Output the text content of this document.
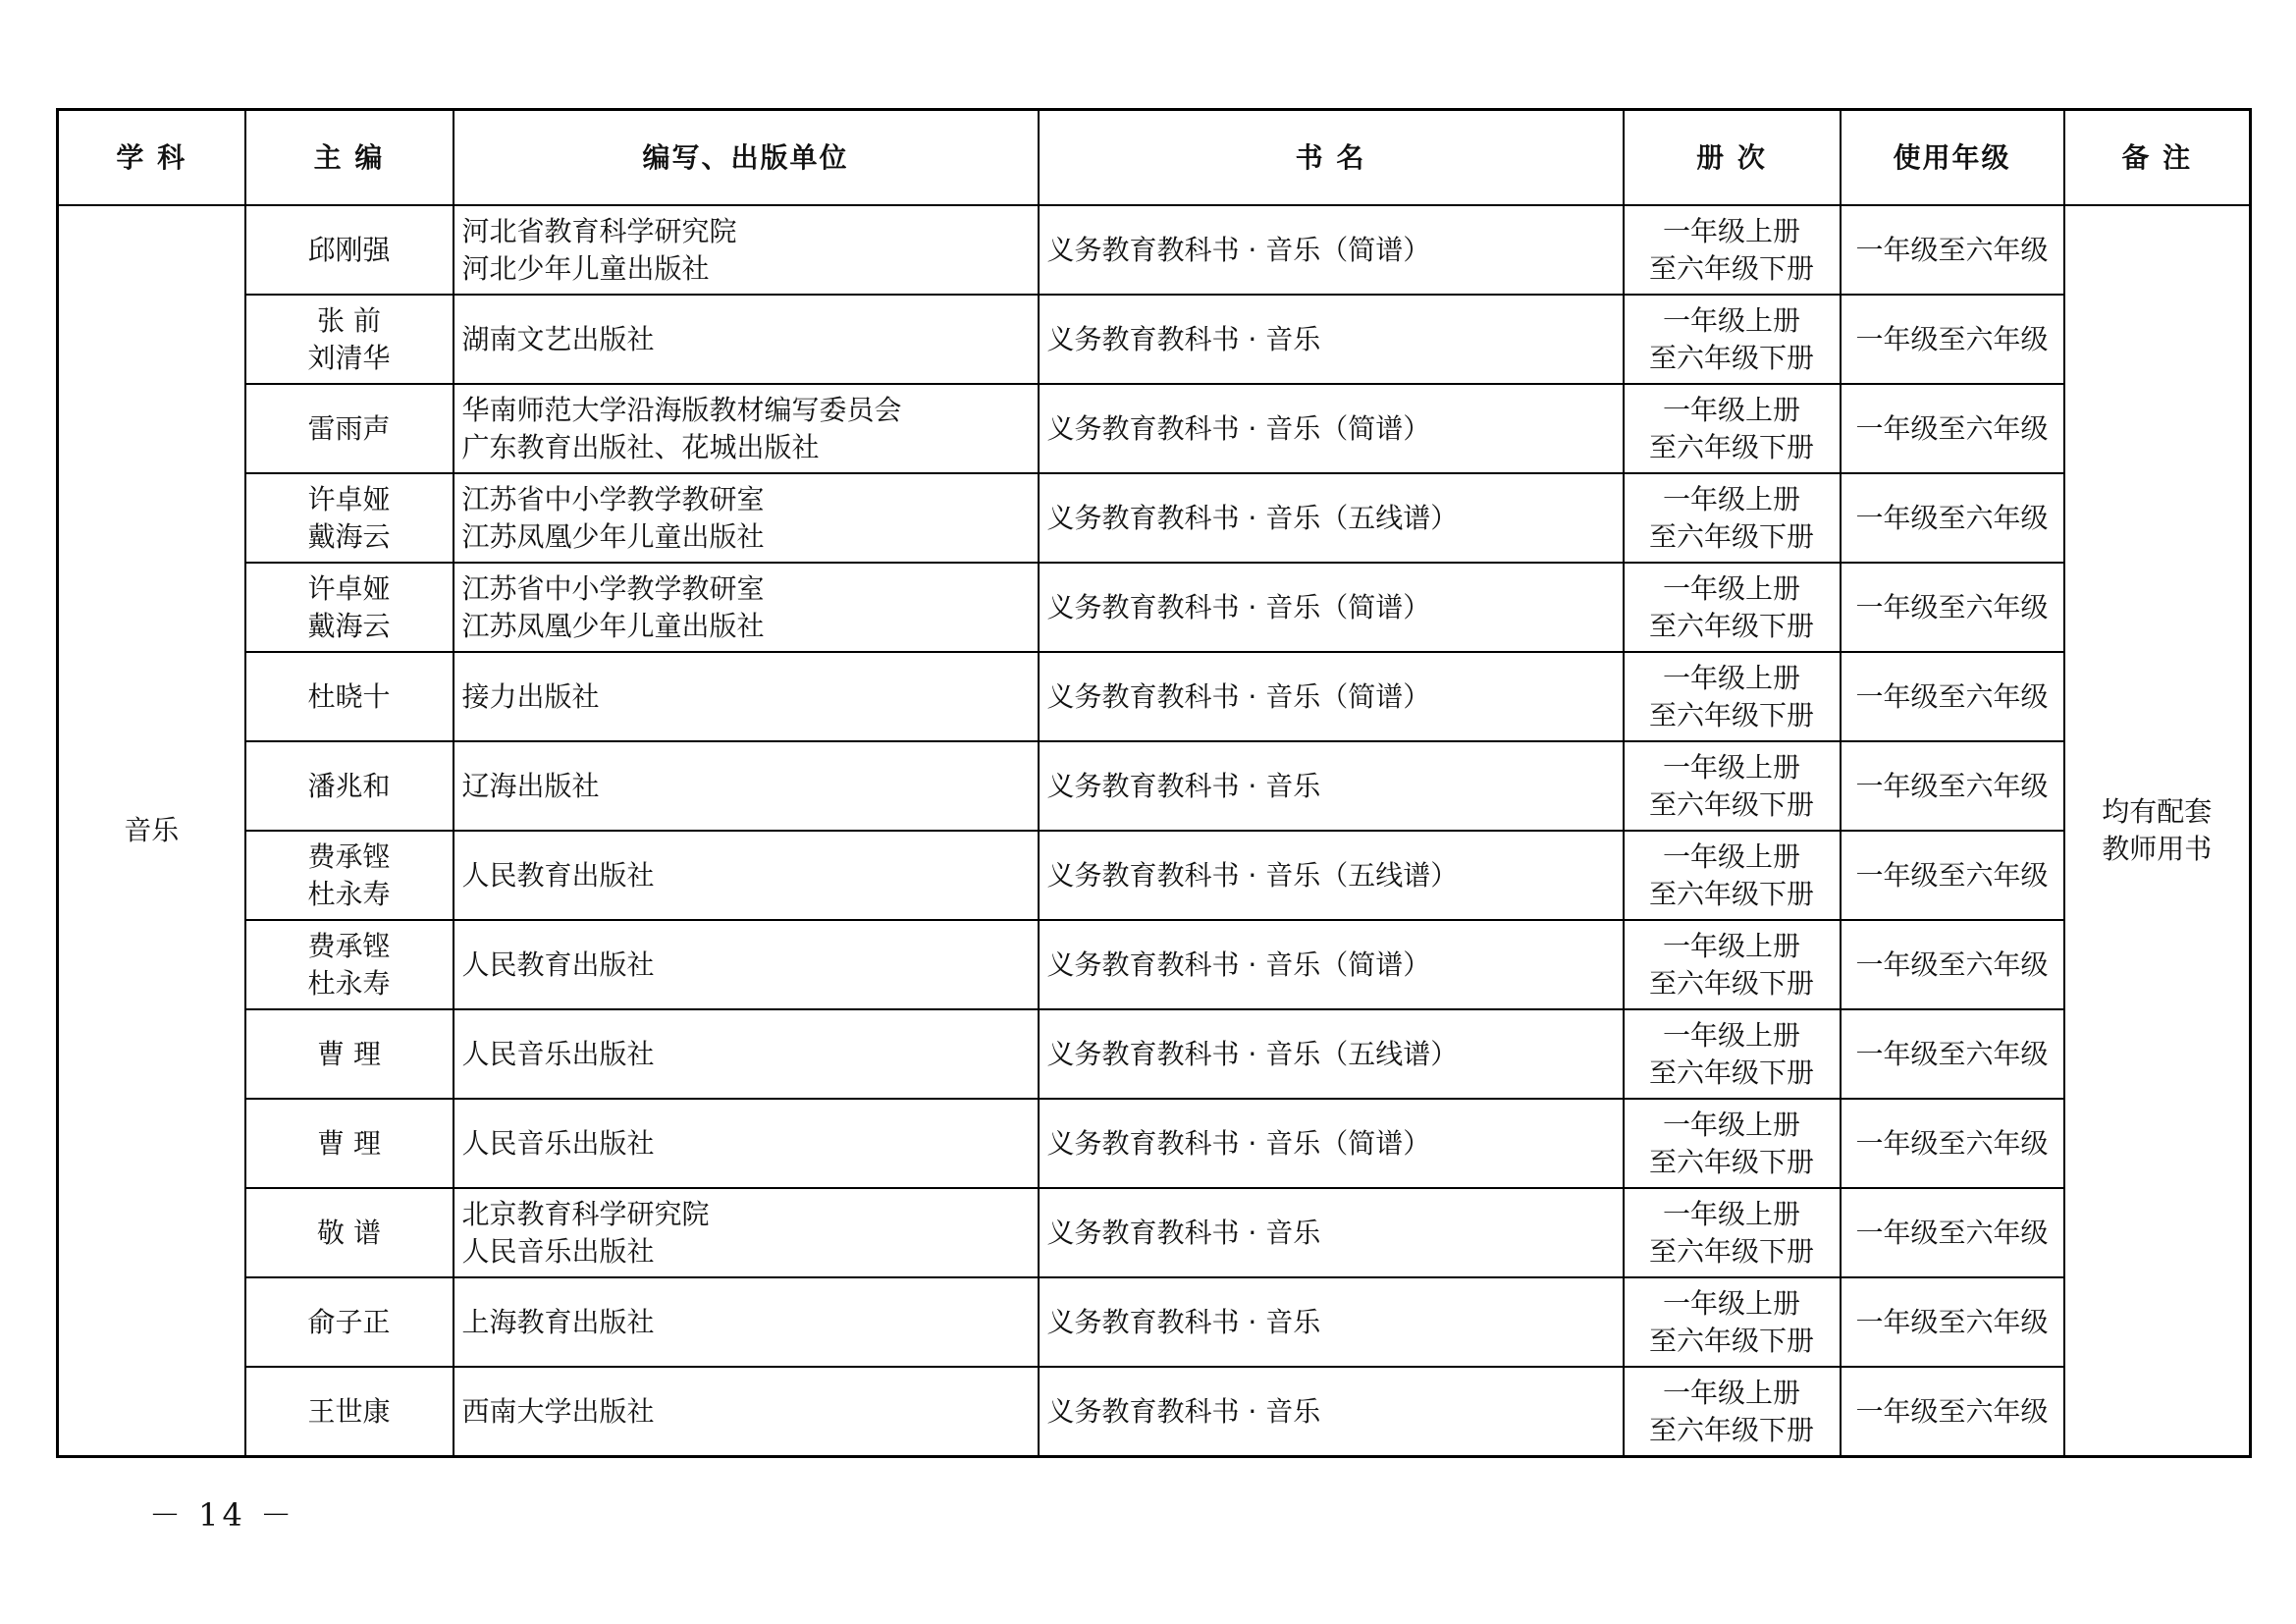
学 科	主 编	编写、出版单位	书 名	册 次	使用年级	备 注
音乐	邱刚强	河北省教育科学研究院
河北少年儿童出版社	义务教育教科书 · 音乐（简谱）	一年级上册
至六年级下册	一年级至六年级	均有配套
教师用书

	张 前
刘清华	湖南文艺出版社	义务教育教科书 · 音乐	一年级上册
至六年级下册	一年级至六年级	

	雷雨声	华南师范大学沿海版教材编写委员会
广东教育出版社、花城出版社	义务教育教科书 · 音乐（简谱）	一年级上册
至六年级下册	一年级至六年级	

	许卓娅
戴海云	江苏省中小学教学教研室
江苏凤凰少年儿童出版社	义务教育教科书 · 音乐（五线谱）	一年级上册
至六年级下册	一年级至六年级	

	许卓娅
戴海云	江苏省中小学教学教研室
江苏凤凰少年儿童出版社	义务教育教科书 · 音乐（简谱）	一年级上册
至六年级下册	一年级至六年级	

	杜晓十	接力出版社	义务教育教科书 · 音乐（简谱）	一年级上册
至六年级下册	一年级至六年级	

	潘兆和	辽海出版社	义务教育教科书 · 音乐	一年级上册
至六年级下册	一年级至六年级	

	费承铿
杜永寿	人民教育出版社	义务教育教科书 · 音乐（五线谱）	一年级上册
至六年级下册	一年级至六年级	

	费承铿
杜永寿	人民教育出版社	义务教育教科书 · 音乐（简谱）	一年级上册
至六年级下册	一年级至六年级	

	曹 理	人民音乐出版社	义务教育教科书 · 音乐（五线谱）	一年级上册
至六年级下册	一年级至六年级	

	曹 理	人民音乐出版社	义务教育教科书 · 音乐（简谱）	一年级上册
至六年级下册	一年级至六年级	

	敬 谱	北京教育科学研究院
人民音乐出版社	义务教育教科书 · 音乐	一年级上册
至六年级下册	一年级至六年级	

	俞子正	上海教育出版社	义务教育教科书 · 音乐	一年级上册
至六年级下册	一年级至六年级	

	王世康	西南大学出版社	义务教育教科书 · 音乐	一年级上册
至六年级下册	一年级至六年级	
－ 14 －
